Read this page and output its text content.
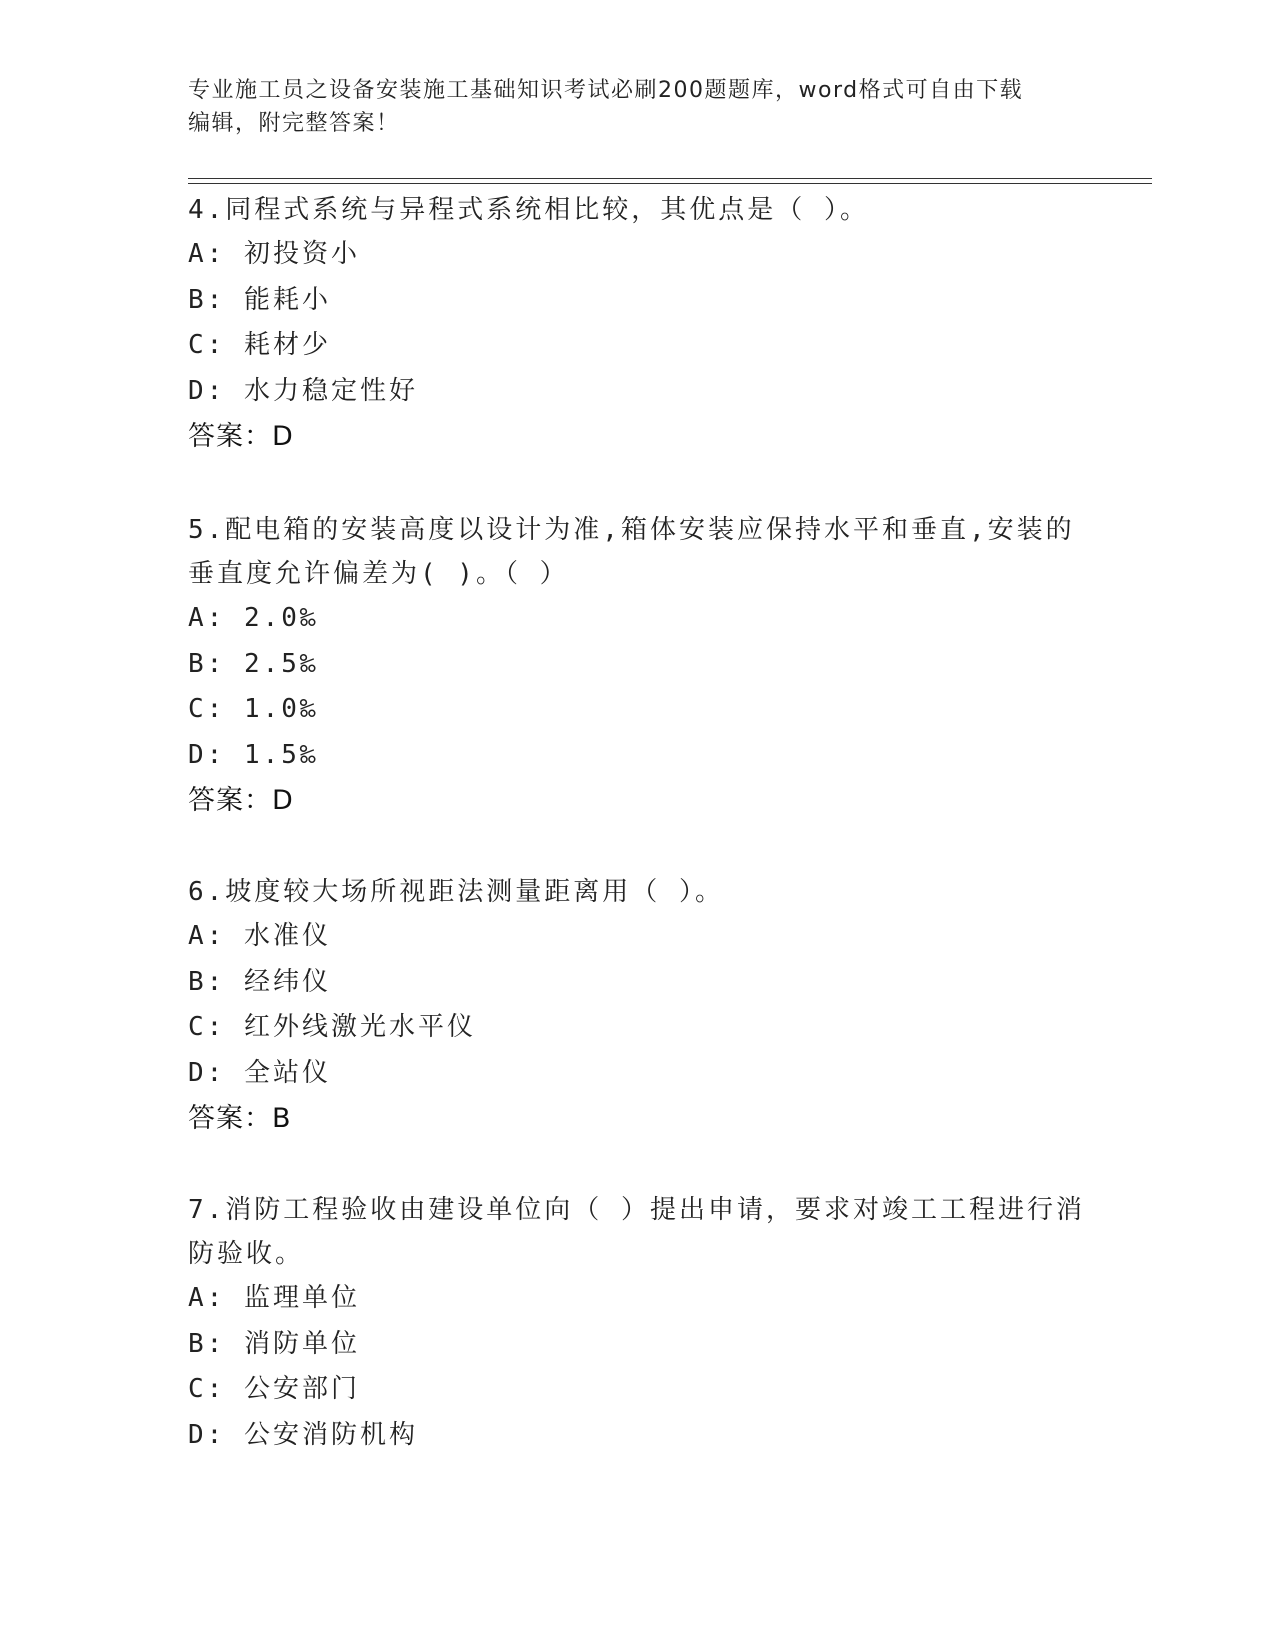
专业施工员之设备安装施工基础知识考试必刷200题题库，word格式可自由下载
编辑，附完整答案！

4.同程式系统与异程式系统相比较，其优点是（ ）。

A: 初投资小

B: 能耗小

C: 耗材少

D: 水力稳定性好

答案：D

5.配电箱的安装高度以设计为准,箱体安装应保持水平和垂直,安装的

垂直度允许偏差为( )。（ ）

A: 2.0‰

B: 2.5‰

C: 1.0‰

D: 1.5‰

答案：D

6.坡度较大场所视距法测量距离用（ ）。

A: 水准仪

B: 经纬仪

C: 红外线激光水平仪

D: 全站仪

答案：B

7.消防工程验收由建设单位向（ ）提出申请，要求对竣工工程进行消

防验收。

A: 监理单位

B: 消防单位

C: 公安部门

D: 公安消防机构
